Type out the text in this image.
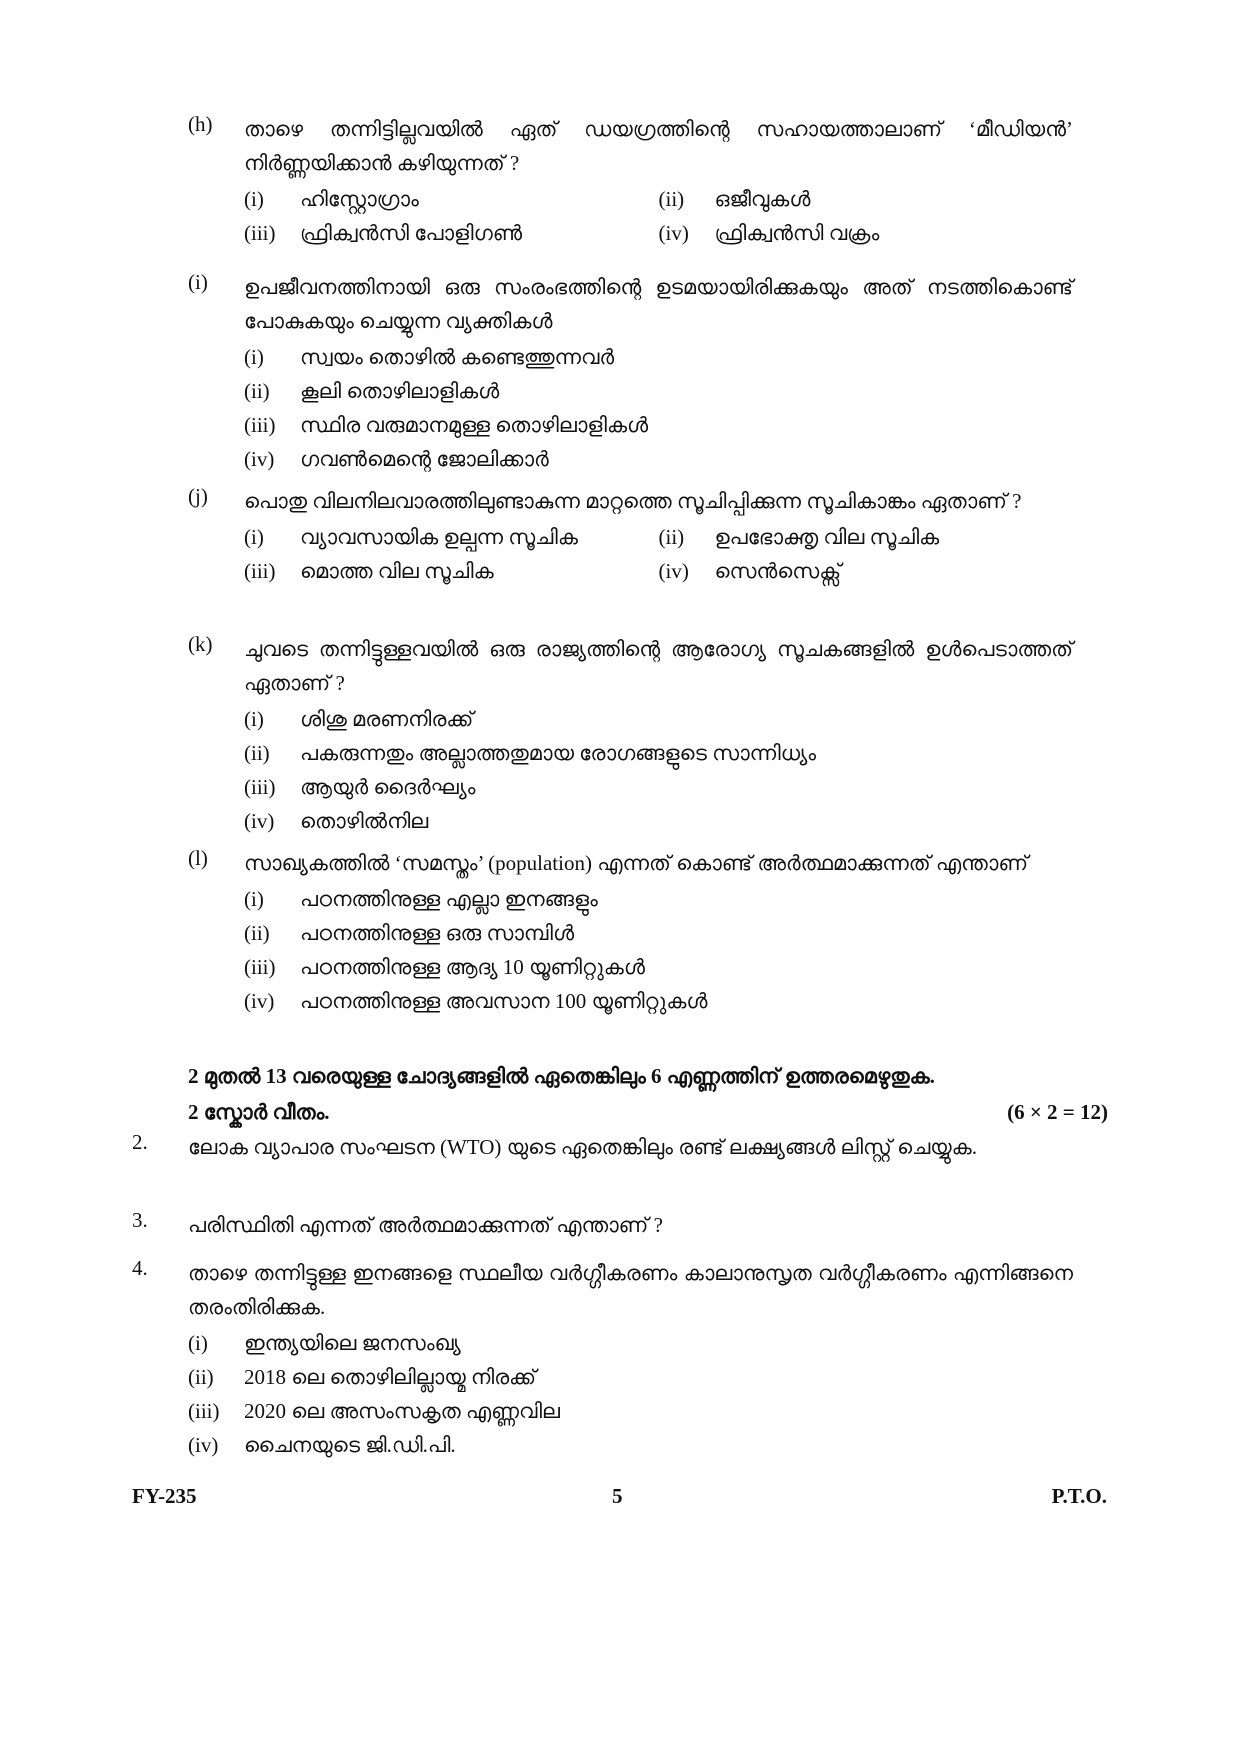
(h)	താഴെ തന്നിട്ടില്ലവയിൽ ഏത് ഡയഗ്രത്തിന്റെ സഹായത്താലാണ് ‘മീഡിയൻ’ നിർണ്ണയിക്കാൻ കഴിയുന്നത് ?
(i)	ഹിസ്റ്റോഗ്രാം	(ii)	ഒജീവുകൾ
(iii)	ഫ്രിക്വൻസി പോളിഗൺ	(iv)	ഫ്രിക്വൻസി വക്രം
(i)	ഉപജീവനത്തിനായി ഒരു സംരംഭത്തിന്റെ ഉടമയായിരിക്കുകയും അത് നടത്തികൊണ്ട് പോകുകയും ചെയ്യുന്ന വ്യക്തികൾ
(i)	സ്വയം തൊഴിൽ കണ്ടെത്തുന്നവർ
(ii)	കൂലി തൊഴിലാളികൾ
(iii)	സ്ഥിര വരുമാനമുള്ള തൊഴിലാളികൾ
(iv)	ഗവൺമെന്റെ ജോലിക്കാർ
(j)	പൊതു വിലനിലവാരത്തിലുണ്ടാകുന്ന മാറ്റത്തെ സൂചിപ്പിക്കുന്ന സൂചികാങ്കം ഏതാണ് ?
(i)	വ്യാവസായിക ഉല്പന്ന സൂചിക	(ii)	ഉപഭോക്തൃ വില സൂചിക
(iii)	മൊത്ത വില സൂചിക	(iv)	സെൻസെക്സ്
(k)	ചുവടെ തന്നിട്ടുള്ളവയിൽ ഒരു രാജ്യത്തിന്റെ ആരോഗ്യ സൂചകങ്ങളിൽ ഉൾപെടാത്തത് ഏതാണ് ?
(i)	ശിശു മരണനിരക്ക്
(ii)	പകരുന്നതും അല്ലാത്തതുമായ രോഗങ്ങളുടെ സാന്നിധ്യം
(iii)	ആയുർ ദൈർഘ്യം
(iv)	തൊഴിൽനില
(l)	സാഖ്യകത്തിൽ ‘സമസ്തം’ (population) എന്നത് കൊണ്ട് അർത്ഥമാക്കുന്നത് എന്താണ്
(i)	പഠനത്തിനുള്ള എല്ലാ ഇനങ്ങളും
(ii)	പഠനത്തിനുള്ള ഒരു സാമ്പിൾ
(iii)	പഠനത്തിനുള്ള ആദ്യ 10 യൂണിറ്റുകൾ
(iv)	പഠനത്തിനുള്ള അവസാന 100 യൂണിറ്റുകൾ
2 മുതൽ 13 വരെയുള്ള ചോദ്യങ്ങളിൽ ഏതെങ്കിലും 6 എണ്ണത്തിന് ഉത്തരമെഴുതുക.
2 സ്കോർ വീതം.	(6 × 2 = 12)
2.	ലോക വ്യാപാര സംഘടന (WTO) യുടെ ഏതെങ്കിലും രണ്ട് ലക്ഷ്യങ്ങൾ ലിസ്റ്റ് ചെയ്യുക.
3.	പരിസ്ഥിതി എന്നത് അർത്ഥമാക്കുന്നത് എന്താണ് ?
4.	താഴെ തന്നിട്ടുള്ള ഇനങ്ങളെ സ്ഥലീയ വർഗ്ഗീകരണം കാലാനുസൃത വർഗ്ഗീകരണം എന്നിങ്ങനെ തരംതിരിക്കുക.
(i)	ഇന്ത്യയിലെ ജനസംഖ്യ
(ii)	2018 ലെ തൊഴിലില്ലായ്മ നിരക്ക്
(iii)	2020 ലെ അസംസകൃത എണ്ണവില
(iv)	ചൈനയുടെ ജി.ഡി.പി.
FY-235	5	P.T.O.
